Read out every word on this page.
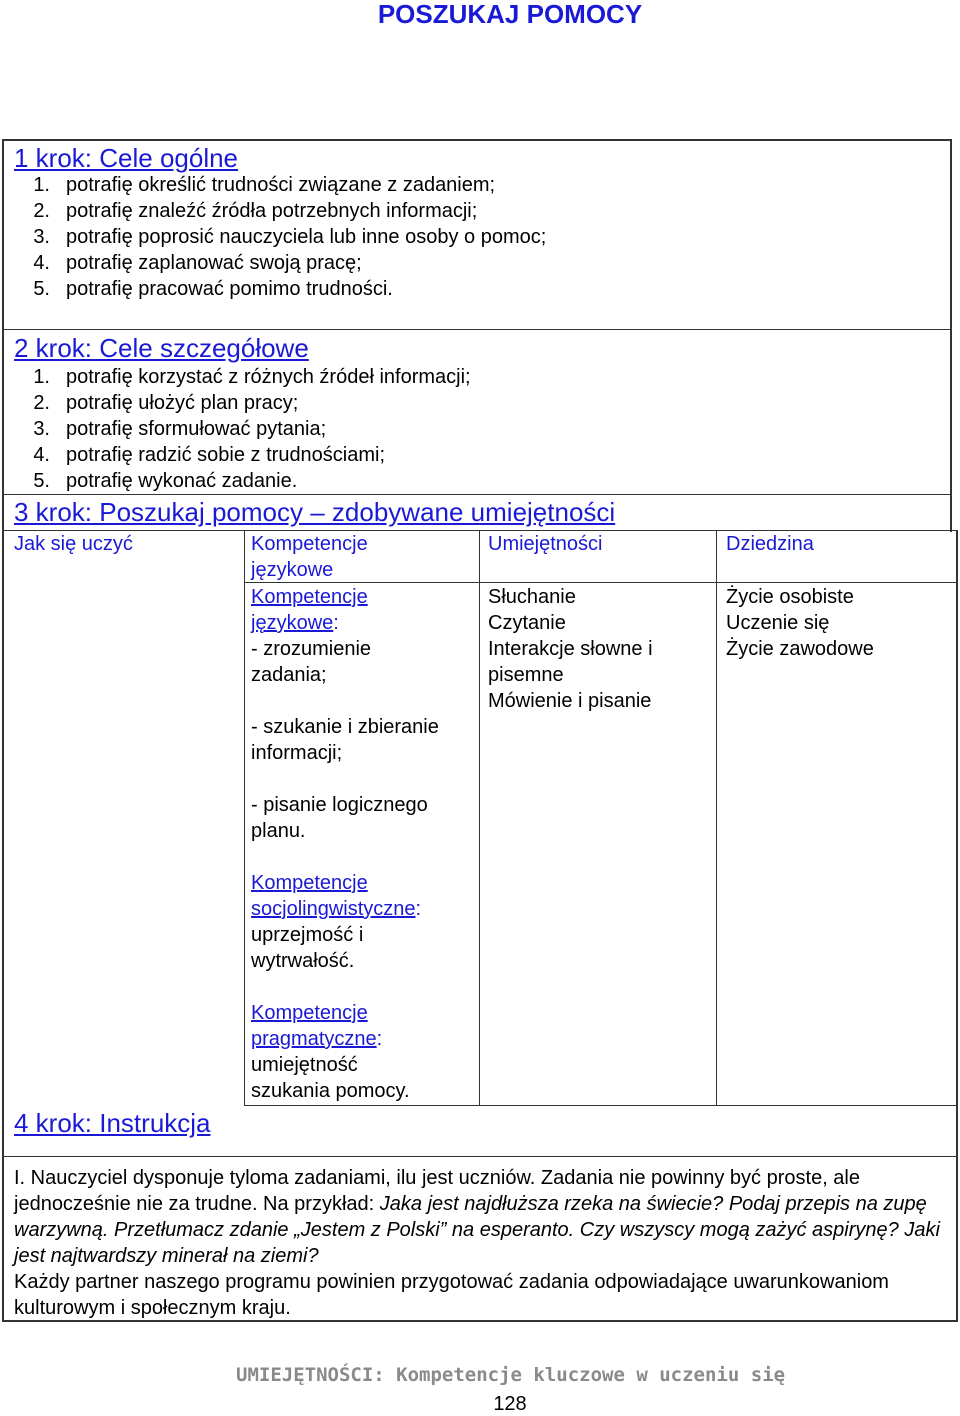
POSZUKAJ POMOCY
1 krok: Cele ogólne
1. potrafię określić trudności związane z zadaniem;
2. potrafię znaleźć źródła potrzebnych informacji;
3. potrafię poprosić nauczyciela lub inne osoby o pomoc;
4. potrafię zaplanować swoją pracę;
5. potrafię pracować pomimo trudności.
2 krok: Cele szczegółowe
1. potrafię korzystać z różnych źródeł informacji;
2. potrafię ułożyć plan pracy;
3. potrafię sformułować pytania;
4. potrafię radzić sobie z trudnościami;
5. potrafię wykonać zadanie.
3 krok: Poszukaj pomocy – zdobywane umiejętności
Jak się uczyć	Kompetencje
językowe
Umiejętności	Dziedzina
Kompetencje
językowe:
- zrozumienie
zadania;
- szukanie i zbieranie
informacji;
- pisanie logicznego
planu.
Kompetencje
socjolingwistyczne:
uprzejmość i
wytrwałość.
Kompetencje
pragmatyczne:
umiejętność
szukania pomocy.
Słuchanie
Czytanie
Interakcje słowne i
pisemne
Mówienie i pisanie
Życie osobiste
Uczenie się
Życie zawodowe
4 krok: Instrukcja
I. Nauczyciel dysponuje tyloma zadaniami, ilu jest uczniów. Zadania nie powinny być proste, ale jednocześnie nie za trudne. Na przykład: Jaka jest najdłuższa rzeka na świecie? Podaj przepis na zupę warzywną. Przetłumacz zdanie „Jestem z Polski” na esperanto. Czy wszyscy mogą zażyć aspirynę? Jaki jest najtwardszy minerał na ziemi?
Każdy partner naszego programu powinien przygotować zadania odpowiadające uwarunkowaniom kulturowym i społecznym kraju.
UMIEJĘTNOŚCI: Kompetencje kluczowe w uczeniu się
128
